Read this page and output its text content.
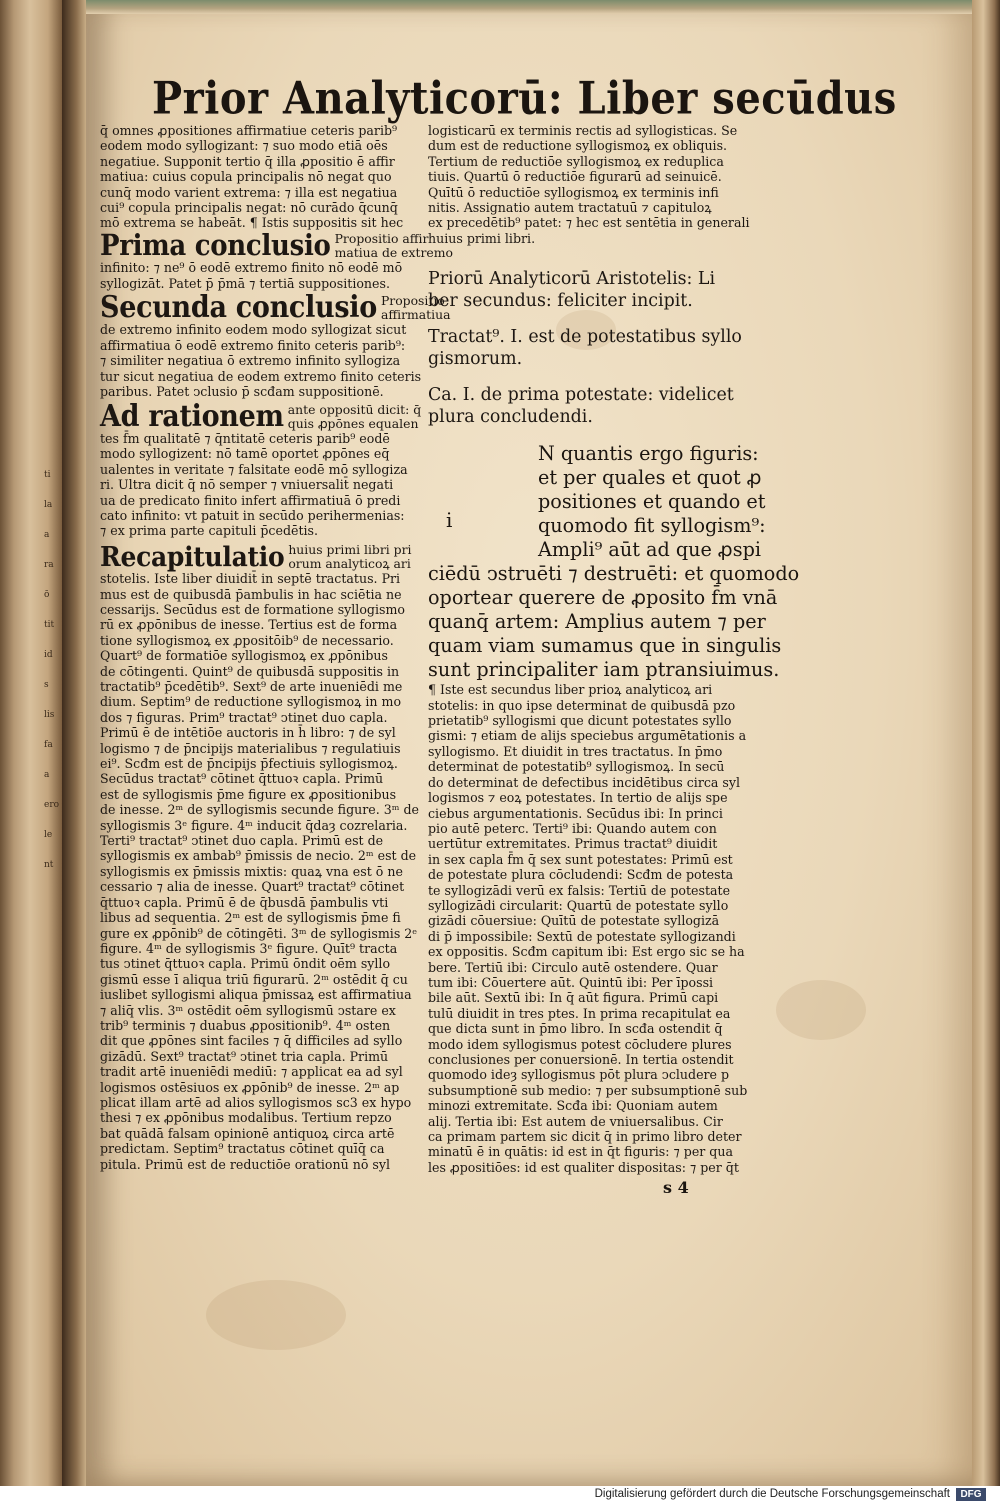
ti
la
a
ra
ō
tit
id
s
lis
fa
a
ero
le
nt
Prior Analyticorū: Liber secūdus

q̄ omnes ꝓpositiones affirmatiue ceteris parib⁹

eodem modo syllogizant: ⁊ suo modo etiā oēs

negatiue. Supponit tertio q̄ illa ꝓpositio ē affir

matiua: cuius copula principalis nō negat quo

cunq̄ modo varient extrema: ⁊ illa est negatiua

cui⁹ copula principalis negat: nō curādo q̄cunq̄

mō extrema se habeāt. ¶ Istis suppositis sit hec

Prima conclusio Propositio affir

matiua de extremo

infinito: ⁊ ne⁹ ō eodē extremo finito nō eodē mō

syllogizāt. Patet p̄ p̄mā ⁊ tertiā suppositiones.

Secunda conclusio Propositio

affirmatiua

de extremo infinito eodem modo syllogizat sicut

affirmatiua ō eodē extremo finito ceteris parib⁹:

⁊ similiter negatiua ō extremo infinito syllogiza

tur sicut negatiua de eodem extremo finito ceteris

paribus. Patet ↄclusio p̄ scđam suppositionē.

Ad rationem ante oppositū dicit: q̄

quis ꝓpōnes equalen

tes f̄m qualitatē ⁊ q̄ntitatē ceteris parib⁹ eodē

modo syllogizent: nō tamē oportet ꝓpōnes eq̄

ualentes in veritate ⁊ falsitate eodē mō syllogiza

ri. Ultra dicit q̄ nō semper ⁊ vniuersalit̄ negati

ua de predicato finito infert affirmatiuā ō predi

cato infinito: vt patuit in secūdo perihermenias:

⁊ ex prima parte capituli p̄cedētis.

Recapitulatio huius primi libri pri

orum analyticoꝝ ari

stotelis. Iste liber diuidit̄ in septē tractatus. Pri

mus est de quibusdā p̄ambulis in hac sciētia ne

cessarijs. Secūdus est de formatione syllogismo

rū ex ꝓpōnibus de inesse. Tertius est de forma

tione syllogismoꝝ ex ꝓpositōib⁹ de necessario.

Quart⁹ de formatiōe syllogismoꝝ ex ꝓpōnibus

de cōtingenti. Quint⁹ de quibusdā suppositis in

tractatib⁹ p̄cedētib⁹. Sext⁹ de arte inueniēdi me

dium. Septim⁹ de reductione syllogismoꝝ in mo

dos ⁊ figuras. Prim⁹ tractat⁹ ↄtinet duo capla.

Primū ē de intētiōe auctoris in h̄ libro: ⁊ de syl

logismo ⁊ de p̄ncipijs materialibus ⁊ regulatiuis

ei⁹. Scđm est de p̄ncipijs p̄fectiuis syllogismoꝝ.

Secūdus tractat⁹ cōtinet q̄ttuoꝛ capla. Primū

est de syllogismis p̄me figure ex ꝓpositionibus

de inesse. 2ᵐ de syllogismis secunde figure. 3ᵐ de

syllogismis 3ᵉ figure. 4ᵐ inducit q̄daȝ cozrelaria.

Terti⁹ tractat⁹ ↄtinet duo capla. Primū est de

syllogismis ex ambab⁹ p̄missis de necio. 2ᵐ est de

syllogismis ex p̄missis mixtis: quaꝝ vna est ō ne

cessario ⁊ alia de inesse. Quart⁹ tractat⁹ cōtinet

q̄ttuoꝛ capla. Primū ē de q̄busdā p̄ambulis vti

libus ad sequentia. 2ᵐ est de syllogismis p̄me fi

gure ex ꝓpōnib⁹ de cōtingēti. 3ᵐ de syllogismis 2ᵉ

figure. 4ᵐ de syllogismis 3ᵉ figure. Quīt⁹ tracta

tus ↄtinet q̄ttuoꝛ capla. Primū ōndit oēm syllo

gismū esse ī aliqua triū figurarū. 2ᵐ ostēdit q̄ cu

iuslibet syllogismi aliqua p̄missaꝝ est affirmatiua

⁊ aliq̄ vlis. 3ᵐ ostēdit oēm syllogismū ↄstare ex

trib⁹ terminis ⁊ duabus ꝓpositionib⁹. 4ᵐ osten

dit que ꝓpōnes sint faciles ⁊ q̄ difficiles ad syllo

gizādū. Sext⁹ tractat⁹ ↄtinet tria capla. Primū

tradit artē inueniēdi mediū: ⁊ applicat ea ad syl

logismos ostēsiuos ex ꝓpōnib⁹ de inesse. 2ᵐ ap

plicat illam artē ad alios syllogismos sc3 ex hypo

thesi ⁊ ex ꝓpōnibus modalibus. Tertium repzo

bat quādā falsam opinionē antiquoꝝ circa artē

predictam. Septim⁹ tractatus cōtinet quīq̄ ca

pitula. Primū est de reductiōe orationū nō syl

logisticarū ex terminis rectis ad syllogisticas. Se

dum est de reductione syllogismoꝝ ex obliquis.

Tertium de reductiōe syllogismoꝝ ex reduplica

tiuis. Quartū ō reductiōe figurarū ad seinuicē.

Quītū ō reductiōe syllogismoꝝ ex terminis infi

nitis. Assignatio autem tractatuū ⁊ capituloꝝ

ex precedētib⁹ patet: ⁊ hec est sentētia in generali

huius primi libri.

Priorū Analyticorū Aristotelis: Li

ber secundus: feliciter incipit.

Tractat⁹. I. est de potestatibus syllo

gismorum.

Ca. I. de prima potestate: videlicet

plura concludendi.

N quantis ergo figuris:

et per quales et quot ꝓ

positiones et quando et

quomodo fit syllogism⁹:

Ampli⁹ aūt ad que ꝓspi

ciēdū ↄstruēti ⁊ destruēti: et quomodo

oportear querere de ꝓposito f̄m vnā

quanq̄ artem: Amplius autem ⁊ per

quam viam sumamus que in singulis

sunt principaliter iam ptransiuimus.

¶ Iste est secundus liber prioꝝ analyticoꝝ ari

stotelis: in quo ipse determinat de quibusdā pzo

prietatib⁹ syllogismi que dicunt potestates syllo

gismi: ⁊ etiam de alijs speciebus argumētationis a

syllogismo. Et diuidit in tres tractatus. In p̄mo

determinat de potestatib⁹ syllogismoꝝ. In secū

do determinat de defectibus incidētibus circa syl

logismos ⁊ eoꝝ potestates. In tertio de alijs spe

ciebus argumentationis. Secūdus ibi: In princi

pio autē peterc. Terti⁹ ibi: Quando autem con

uertūtur extremitates. Primus tractat⁹ diuidit

in sex capla f̄m q̄ sex sunt potestates: Primū est

de potestate plura cōcludendi: Scđm de potesta

te syllogizādi verū ex falsis: Tertiū de potestate

syllogizādi circularit: Quartū de potestate syllo

gizādi cōuersiue: Quītū de potestate syllogizā

di p̄ impossibile: Sextū de potestate syllogizandi

ex oppositis. Scđm capitum ibi: Est ergo sic se ha

bere. Tertiū ibi: Circulo autē ostendere. Quar

tum ibi: Cōuertere aūt. Quintū ibi: Per īpossi

bile aūt. Sextū ibi: In q̄ aūt figura. Primū capi

tulū diuidit in tres ptes. In prima recapitulat ea

que dicta sunt in p̄mo libro. In scđa ostendit q̄

modo idem syllogismus potest cōcludere plures

conclusiones per conuersionē. In tertia ostendit

quomodo ideȝ syllogismus pōt plura ↄcludere p

subsumptionē sub medio: ⁊ per subsumptionē sub

minozi extremitate. Scđa ibi: Quoniam autem

alij. Tertia ibi: Est autem de vniuersalibus. Cir

ca primam partem sic dicit q̄ in primo libro deter

minatū ē in quātis: id est in q̄t figuris: ⁊ per qua

les ꝓpositiōes: id est qualiter dispositas: ⁊ per q̄t

i
s 4
Digitalisierung gefördert durch die Deutsche Forschungsgemeinschaft	DFG
